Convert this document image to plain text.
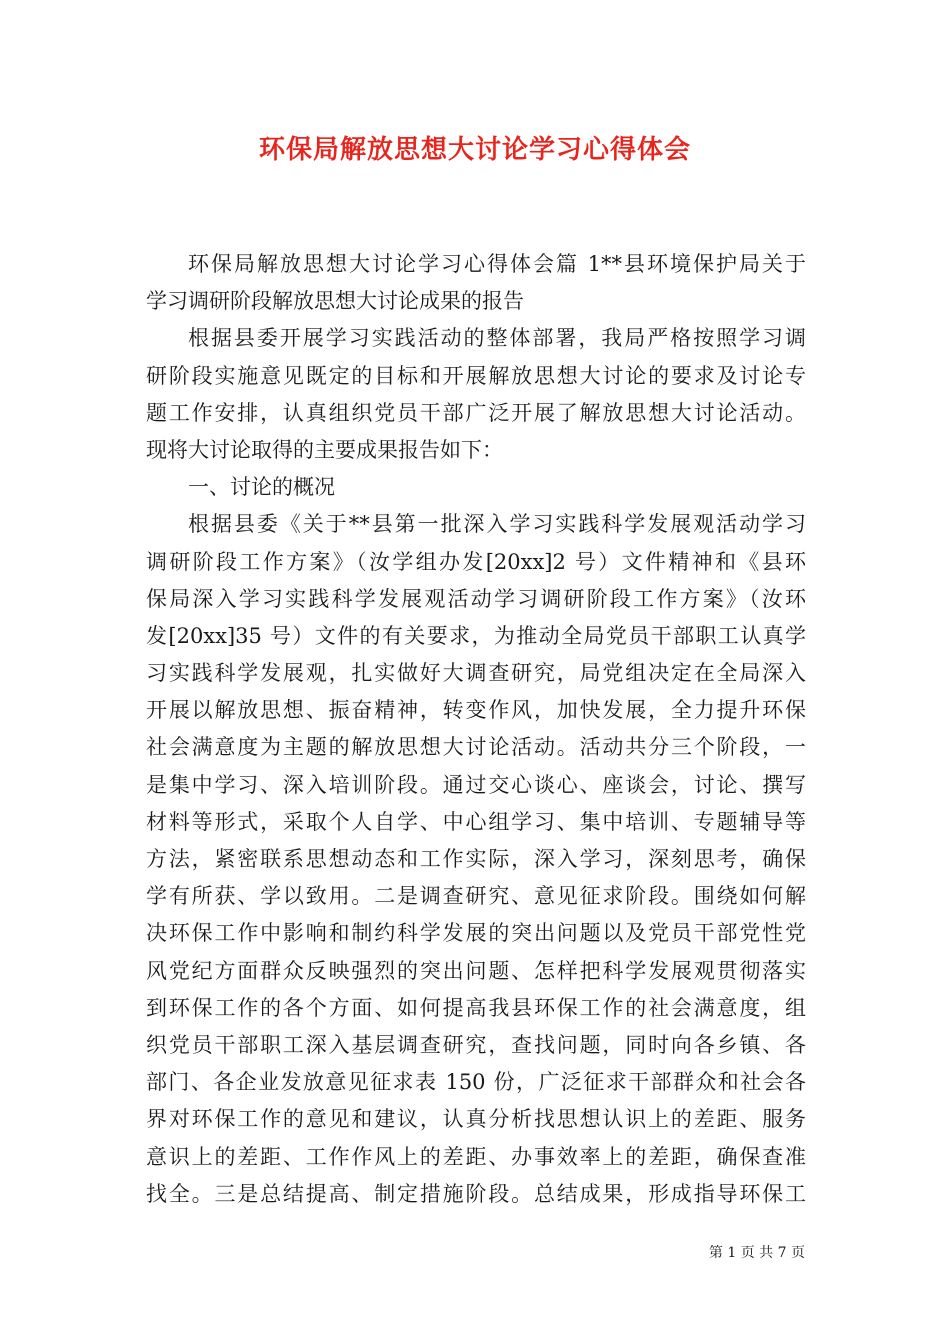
环保局解放思想大讨论学习心得体会
环保局解放思想大讨论学习心得体会篇 1**县环境保护局关于
学习调研阶段解放思想大讨论成果的报告
根据县委开展学习实践活动的整体部署，我局严格按照学习调
研阶段实施意见既定的目标和开展解放思想大讨论的要求及讨论专
题工作安排，认真组织党员干部广泛开展了解放思想大讨论活动。
现将大讨论取得的主要成果报告如下：
一、讨论的概况
根据县委《关于**县第一批深入学习实践科学发展观活动学习
调研阶段工作方案》（汝学组办发[20xx]2 号）文件精神和《县环
保局深入学习实践科学发展观活动学习调研阶段工作方案》（汝环
发[20xx]35 号）文件的有关要求，为推动全局党员干部职工认真学
习实践科学发展观，扎实做好大调查研究，局党组决定在全局深入
开展以解放思想、振奋精神，转变作风，加快发展，全力提升环保
社会满意度为主题的解放思想大讨论活动。活动共分三个阶段，一
是集中学习、深入培训阶段。通过交心谈心、座谈会，讨论、撰写
材料等形式，采取个人自学、中心组学习、集中培训、专题辅导等
方法，紧密联系思想动态和工作实际，深入学习，深刻思考，确保
学有所获、学以致用。二是调查研究、意见征求阶段。围绕如何解
决环保工作中影响和制约科学发展的突出问题以及党员干部党性党
风党纪方面群众反映强烈的突出问题、怎样把科学发展观贯彻落实
到环保工作的各个方面、如何提高我县环保工作的社会满意度，组
织党员干部职工深入基层调查研究，查找问题，同时向各乡镇、各
部门、各企业发放意见征求表 150 份，广泛征求干部群众和社会各
界对环保工作的意见和建议，认真分析找思想认识上的差距、服务
意识上的差距、工作作风上的差距、办事效率上的差距，确保查准
找全。三是总结提高、制定措施阶段。总结成果，形成指导环保工
第 1 页 共 7 页
